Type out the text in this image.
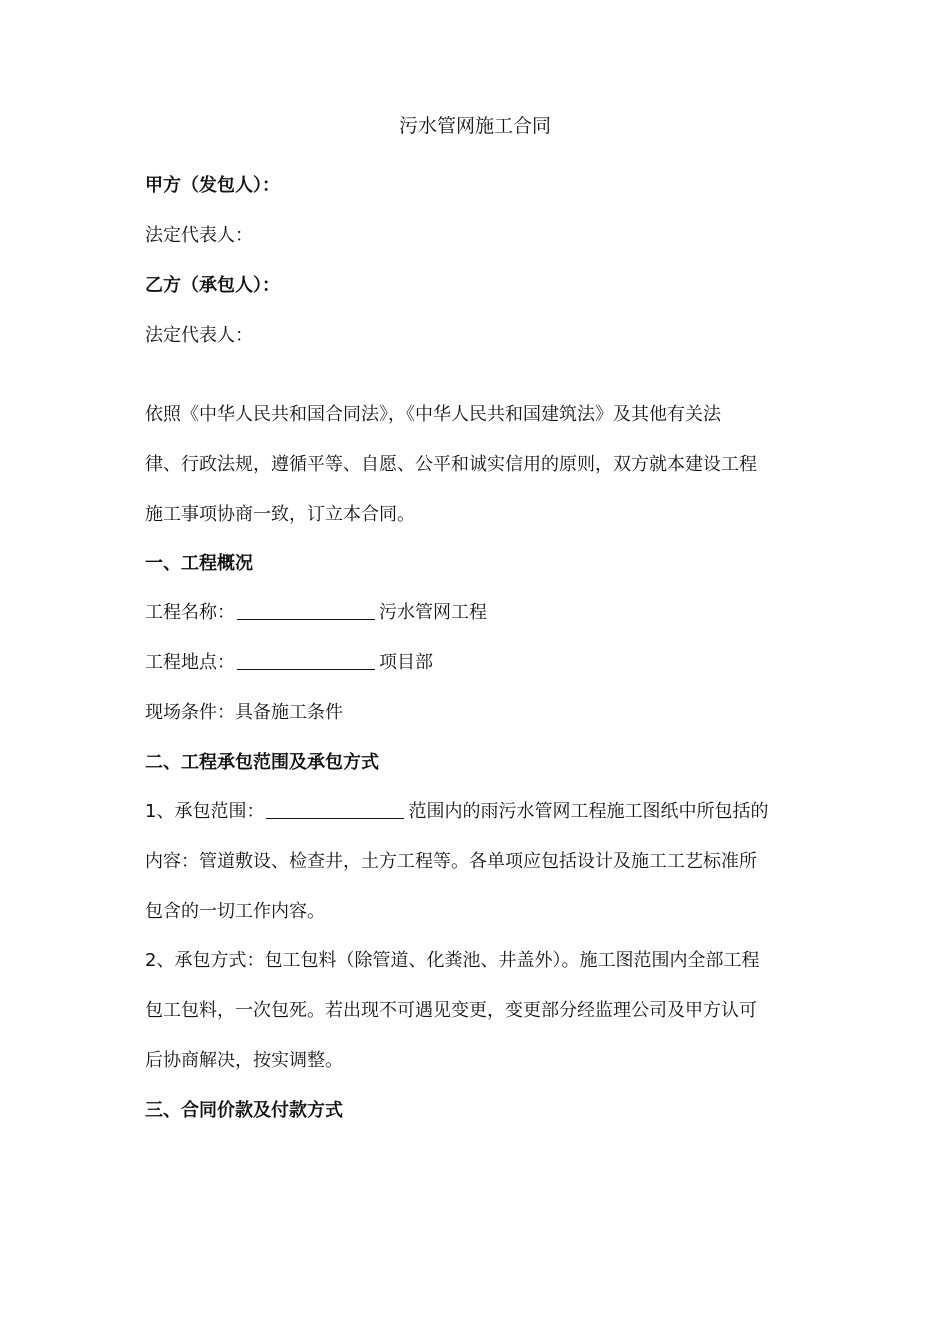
污水管网施工合同
甲方（发包人）：
法定代表人：
乙方（承包人）：
法定代表人：
依照《中华人民共和国合同法》，《中华人民共和国建筑法》及其他有关法
律、行政法规，遵循平等、自愿、公平和诚实信用的原则，双方就本建设工程
施工事项协商一致，订立本合同。
一、工程概况
工程名称：	污水管网工程
工程地点：	项目部
现场条件：具备施工条件
二、工程承包范围及承包方式
1、承包范围：	范围内的雨污水管网工程施工图纸中所包括的
内容：管道敷设、检查井，土方工程等。各单项应包括设计及施工工艺标准所
包含的一切工作内容。
2、承包方式：包工包料（除管道、化粪池、井盖外）。施工图范围内全部工程
包工包料，一次包死。若出现不可遇见变更，变更部分经监理公司及甲方认可
后协商解决，按实调整。
三、合同价款及付款方式
